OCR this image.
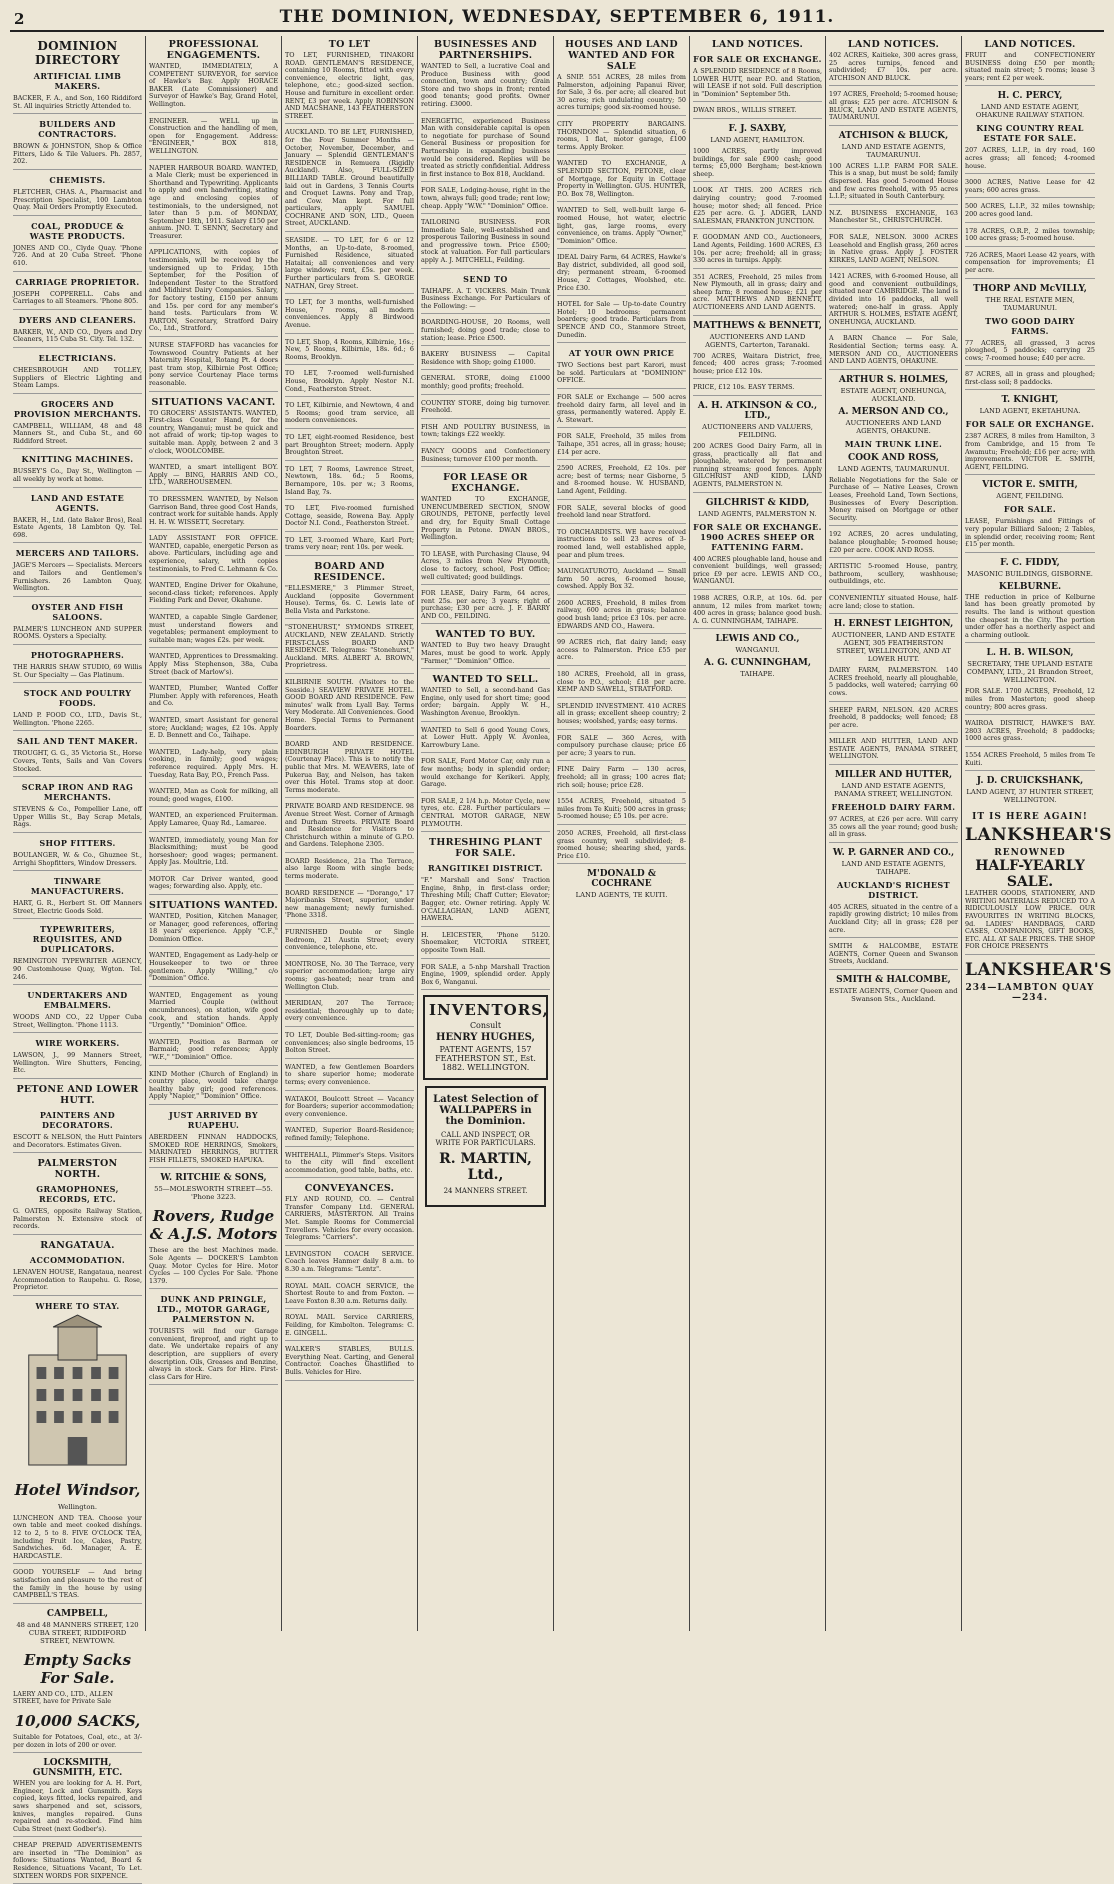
2	THE DOMINION, WEDNESDAY, SEPTEMBER 6, 1911.
DOMINION DIRECTORY
ARTIFICIAL LIMB MAKERS.
BACKER, F. A., and Son, 160 Riddiford St. All inquiries Strictly Attended to.
BUILDERS AND CONTRACTORS.
BROWN & JOHNSTON, Shop & Office Fitters, Lido & Tile Valuers. Ph. 2857, 202.
CHEMISTS.
FLETCHER, CHAS. A., Pharmacist and Prescription Specialist, 100 Lambton Quay. Mail Orders Promptly Executed.
COAL, PRODUCE & WASTE PRODUCTS.
JONES AND CO., Clyde Quay. 'Phone 726. And at 20 Cuba Street. 'Phone 610.
CARRIAGE PROPRIETOR.
JOSEPH COPPERELL. Cabs and Carriages to all Steamers. 'Phone 805.
DYERS AND CLEANERS.
BARKER, W., AND CO., Dyers and Dry Cleaners, 115 Cuba St. City. Tel. 132.
ELECTRICIANS.
CHEESBROUGH AND TOLLEY, Suppliers of Electric Lighting and Steam Lamps.
GROCERS AND PROVISION MERCHANTS.
CAMPBELL, WILLIAM, 48 and 48 Manners St., and Cuba St., and 60 Riddiford Street.
KNITTING MACHINES.
BUSSEY'S Co., Day St., Wellington — all weekly by work at home.
LAND AND ESTATE AGENTS.
BAKER, H., Ltd. (late Baker Bros), Real Estate Agents, 18 Lambton Qy. Tel. 698.
MERCERS AND TAILORS.
JAGE'S Mercers — Specialists. Mercers and Tailors and Gentlemen's Furnishers. 26 Lambton Quay, Wellington.
OYSTER AND FISH SALOONS.
PALMER'S LUNCHEON AND SUPPER ROOMS. Oysters a Specialty.
PHOTOGRAPHERS.
THE HARRIS SHAW STUDIO, 69 Willis St. Our Specialty — Gas Platinum.
STOCK AND POULTRY FOODS.
LAND P. FOOD CO., LTD., Davis St., Wellington. 'Phone 2265.
SAIL AND TENT MAKER.
TROUGHT, G. G., 35 Victoria St., Horse Covers, Tents, Sails and Van Covers Stocked.
SCRAP IRON AND RAG MERCHANTS.
STEVENS & Co., Pompellier Lane, off Upper Willis St., Bay Scrap Metals, Rags.
SHOP FITTERS.
BOULANGER, W. & Co., Ghuznee St., Arrighi Shopfitters, Window Dressers.
TINWARE MANUFACTURERS.
HART, G. R., Herbert St. Off Manners Street, Electric Goods Sold.
TYPEWRITERS, REQUISITES, AND DUPLICATORS.
REMINGTON TYPEWRITER AGENCY, 90 Customhouse Quay, Wgton. Tel. 246.
UNDERTAKERS AND EMBALMERS.
WOODS AND CO., 22 Upper Cuba Street, Wellington. 'Phone 1113.
WIRE WORKERS.
LAWSON, J., 99 Manners Street, Wellington. Wire Shutters, Fencing, Etc.
PETONE AND LOWER HUTT.
PAINTERS AND DECORATORS.
ESCOTT & NELSON, the Hutt Painters and Decorators. Estimates Given.
PALMERSTON NORTH.
GRAMOPHONES, RECORDS, ETC.
G. OATES, opposite Railway Station, Palmerston N. Extensive stock of records.
RANGATAUA.
ACCOMMODATION.
LENAVEN HOUSE, Rangataua, nearest Accommodation to Raupehu. G. Rose, Proprietor.
WHERE TO STAY.
Hotel Windsor,
Wellington.
LUNCHEON AND TEA. Choose your own table and meet cooked dishings. 12 to 2, 5 to 8. FIVE O'CLOCK TEA, including Fruit Ice, Cakes, Pastry, Sandwiches. 6d. Manager, A. E. HARDCASTLE.
GOOD YOURSELF — And bring satisfaction and pleasure to the rest of the family in the house by using CAMPBELL'S TEAS.
CAMPBELL,
48 and 48 MANNERS STREET, 120 CUBA STREET, RIDDIFORD STREET, NEWTOWN.
Empty Sacks For Sale.
LAERY AND CO., LTD., ALLEN STREET, have for Private Sale
10,000 SACKS,
Suitable for Potatoes, Coal, etc., at 3/- per dozen in lots of 200 or over.
LOCKSMITH, GUNSMITH, ETC.
WHEN you are looking for A. H. Port, Engineer, Lock and Gunsmith. Keys copied, keys fitted, locks repaired, and saws sharpened and set, scissors, knives, mangles repaired. Guns repaired and re-stocked. Find him Cuba Street (next Godber's).
CHEAP PREPAID ADVERTISEMENTS are inserted in "The Dominion" as follows: Situations Wanted, Board & Residence, Situations Vacant, To Let. SIXTEEN WORDS FOR SIXPENCE.
PROFESSIONAL ENGAGEMENTS.
WANTED, IMMEDIATELY, A COMPETENT SURVEYOR, for service of Hawke's Bay. Apply HORACE BAKER (Late Commissioner) and Surveyor of Hawke's Bay, Grand Hotel, Wellington.
ENGINEER. — WELL up in Construction and the handling of men, open for Engagement. Address: "ENGINEER," BOX 818, WELLINGTON.
NAPIER HARBOUR BOARD. WANTED, a Male Clerk; must be experienced in Shorthand and Typewriting. Applicants to apply and own handwriting, stating age and enclosing copies of testimonials, to the undersigned, not later than 5 p.m. of MONDAY, September 18th, 1911. Salary £150 per annum. JNO. T. SENNY, Secretary and Treasurer.
APPLICATIONS, with copies of testimonials, will be received by the undersigned up to Friday, 15th September, for the Position of Independent Tester to the Stratford and Midhirst Dairy Companies. Salary, for factory testing, £150 per annum and 15s. per cord for any member's hand tests. Particulars from W. PARTON, Secretary, Stratford Dairy Co., Ltd., Stratford.
NURSE STAFFORD has vacancies for Townswood Country Patients at her Maternity Hospital, Rotang Pt. 4 doors past tram stop, Kilbirnie Post Office; pony service Courtenay Place terms reasonable.
SITUATIONS VACANT.
TO GROCERS' ASSISTANTS. WANTED, First-class Counter Hand, for the country, Wanganui; must be quick and not afraid of work; tip-top wages to suitable man. Apply, between 2 and 3 o'clock, WOOLCOMBE.
WANTED, a smart intelligent BOY. Apply — BING, HARRIS AND CO., LTD., WAREHOUSEMEN.
TO DRESSMEN. WANTED, by Nelson Garrison Band, three good Cost Hands, contract work for suitable hands. Apply H. H. W. WISSETT, Secretary.
LADY ASSISTANT FOR OFFICE. WANTED, capable, energetic Person as above. Particulars, including age and experience, salary, with copies testimonials, to Fred C. Lehmann & Co.
WANTED, Engine Driver for Okahune, second-class ticket; references. Apply Fielding Park and Dever, Okahune.
WANTED, a capable Single Gardener, must understand flowers and vegetables; permanent employment to suitable man; wages £2s. per week.
WANTED, Apprentices to Dressmaking. Apply Miss Stephenson, 38a, Cuba Street (back of Marlow's).
WANTED, Plumber, Wanted Coffer Plumber. Apply with references, Heath and Co.
WANTED, smart Assistant for general store; Auckland; wages, £2 10s. Apply E. D. Bennett and Co., Taihape.
WANTED, Lady-help, very plain cooking, in family; good wages; reference required. Apply Mrs. H. Tuesday, Rata Bay, P.O., French Pass.
WANTED, Man as Cook for milking, all round; good wages, £100.
WANTED, an experienced Fruiterman. Apply Lamaree, Quay Rd., Lamaree.
WANTED, immediately, young Man for Blacksmithing; must be good horseshoer; good wages; permanent. Apply Jas. Moultrie, Ltd.
MOTOR Car Driver wanted, good wages; forwarding also. Apply, etc.
SITUATIONS WANTED.
WANTED, Position, Kitchen Manager, or Manager, good references, offering 18 years' experience. Apply "C.F.," Dominion Office.
WANTED, Engagement as Lady-help or Housekeeper to two or three gentlemen. Apply "Willing," c/o "Dominion" Office.
WANTED, Engagement as young Married Couple (without encumbrances), on station, wife good cook, and station hands. Apply "Urgently," "Dominion" Office.
WANTED, Position as Barman or Barmaid; good references; Apply "W.F.," "Dominion" Office.
KIND Mother (Church of England) in country place, would take charge healthy baby girl; good references. Apply "Napier," "Dominion" Office.
JUST ARRIVED BY RUAPEHU.
ABERDEEN FINNAN HADDOCKS, SMOKED ROE HERRINGS, Smokers, MARINATED HERRINGS, BUTTER FISH FILLETS, SMOKED HAPUKA.
W. RITCHIE & SONS,
55—MOLESWORTH STREET—55. 'Phone 3223.
Rovers, Rudge & A.J.S. Motors
These are the best Machines made. Sole Agents — DOCKER'S Lambton Quay. Motor Cycles for Hire. Motor Cycles — 100 Cycles For Sale. 'Phone 1379.
DUNK AND PRINGLE, LTD., MOTOR GARAGE, PALMERSTON N.
TOURISTS will find our Garage convenient, fireproof, and right up to date. We undertake repairs of any description, are suppliers of every description. Oils, Greases and Benzine, always in stock. Cars for Hire. First-class Cars for Hire.
TO LET
TO LET, FURNISHED, TINAKORI ROAD. GENTLEMAN'S RESIDENCE, containing 10 Rooms, fitted with every convenience, electric light, gas, telephone, etc.; good-sized section. House and furniture in excellent order. RENT, £3 per week. Apply ROBINSON AND MACSHANE, 143 FEATHERSTON STREET.
AUCKLAND. TO BE LET, FURNISHED, for the Four Summer Months — October, November, December, and January — Splendid GENTLEMAN'S RESIDENCE in Remuera (Rigidly Auckland). Also, FULL-SIZED BILLIARD TABLE. Ground beautifully laid out in Gardens, 3 Tennis Courts and Croquet Lawns. Pony and Trap, and Cow. Man kept. For full particulars, apply SAMUEL COCHRANE AND SON, LTD., Queen Street, AUCKLAND.
SEASIDE. — TO LET, for 6 or 12 Months, an Up-to-date, 8-roomed, Furnished Residence, situated Hataitai; all conveniences and very large windows; rent, £5s. per week. Further particulars from S. GEORGE NATHAN, Grey Street.
TO LET, for 3 months, well-furnished House, 7 rooms, all modern conveniences. Apply 8 Birdwood Avenue.
TO LET, Shop, 4 Rooms, Kilbirnie, 16s.; New, 5 Rooms, Kilbirnie, 18s. 6d.; 6 Rooms, Brooklyn.
TO LET, 7-roomed well-furnished House, Brooklyn. Apply Nestor N.I. Cond., Featherston Street.
TO LET, Kilbirnie, and Newtown, 4 and 5 Rooms; good tram service, all modern conveniences.
TO LET, eight-roomed Residence, best part Broughton Street; modern. Apply Broughton Street.
TO LET, 7 Rooms, Lawrence Street, Newtown, 18s. 6d.; 5 Rooms, Bernampore, 10s. per w.; 3 Rooms, Island Bay, 7s.
TO LET, Five-roomed furnished Cottage, seaside, Rowena Bay. Apply Doctor N.I. Cond., Featherston Street.
TO LET, 3-roomed Whare, Karl Port; trams very near; rent 10s. per week.
BOARD AND RESIDENCE.
"ELLESMERE," 3 Plimmer Street, Auckland (opposite Government House). Terms, 6s. C. Lewis late of Bella Vista and Parkstone.
"STONEHURST," SYMONDS STREET, AUCKLAND, NEW ZEALAND. Strictly FIRST-CLASS BOARD AND RESIDENCE. Telegrams: "Stonehurst," Auckland. MRS. ALBERT A. BROWN, Proprietress.
KILBIRNIE SOUTH. (Visitors to the Seaside.) SEAVIEW PRIVATE HOTEL. GOOD BOARD AND RESIDENCE. Few minutes' walk from Lyall Bay. Terms Very Moderate. All Conveniences. Good Home. Special Terms to Permanent Boarders.
BOARD AND RESIDENCE. EDINBURGH PRIVATE HOTEL (Courtenay Place). This is to notify the public that Mrs. M. WEAVERS, late of Pukerua Bay, and Nelson, has taken over this Hotel. Trams stop at door. Terms moderate.
PRIVATE BOARD AND RESIDENCE. 98 Avenue Street West. Corner of Armagh and Durham Streets. PRIVATE Board and Residence for Visitors to Christchurch within a minute of G.P.O. and Gardens. Telephone 2305.
BOARD Residence, 21a The Terrace, also large Room with single beds; terms moderate.
BOARD RESIDENCE — "Dorango," 17 Majoribanks Street, superior, under new management; newly furnished. 'Phone 3318.
FURNISHED Double or Single Bedroom, 21 Austin Street; every convenience, telephone, etc.
MONTROSE, No. 30 The Terrace, very superior accommodation; large airy rooms; gas-heated; near tram and Wellington Club.
MERIDIAN, 207 The Terrace; residential; thoroughly up to date; every convenience.
TO LET, Double Bed-sitting-room; gas conveniences; also single bedrooms, 15 Bolton Street.
WANTED, a few Gentlemen Boarders to share superior home; moderate terms; every convenience.
WATAKOI, Boulcott Street — Vacancy for Boarders; superior accommodation; every convenience.
WANTED, Superior Board-Residence; refined family; Telephone.
WHITEHALL, Plimmer's Steps. Visitors to the city will find excellent accommodation, good table, baths, etc.
CONVEYANCES.
FLY AND ROUND, CO. — Central Transfer Company Ltd. GENERAL CARRIERS, MASTERTON. All Trains Met. Sample Rooms for Commercial Travellers. Vehicles for every occasion. Telegrams: "Carriers".
LEVINGSTON COACH SERVICE. Coach leaves Hanmer daily 8 a.m. to 8.30 a.m. Telegrams: "Lentz".
ROYAL MAIL COACH SERVICE, the Shortest Route to and from Foxton. — Leave Foxton 8.30 a.m. Returns daily.
ROYAL MAIL Service CARRIERS, Feilding, for Kimbolton. Telegrams: C. E. GINGELL.
WALKER'S STABLES, BULLS. Everything Neat. Carting, and General Contractor. Coaches Ghastlified to Bulls. Vehicles for Hire.
BUSINESSES AND PARTNERSHIPS.
WANTED to Sell, a lucrative Coal and Produce Business with good connection, town and country; Grain Store and two shops in front; rented good tenants; good profits. Owner retiring. £3000.
ENERGETIC, experienced Business Man with considerable capital is open to negotiate for purchase of Sound General Business or proposition for Partnership in expanding business would be considered. Replies will be treated as strictly confidential. Address in first instance to Box 818, Auckland.
FOR SALE, Lodging-house, right in the town, always full; good trade; rent low; cheap. Apply "W.W." "Dominion" Office.
TAILORING BUSINESS. FOR Immediate Sale, well-established and prosperous Tailoring Business in sound and progressive town. Price £500; stock at valuation. For full particulars apply A. J. MITCHELL, Feilding.
SEND TO
TAIHAPE. A. T. VICKERS. Main Trunk Business Exchange. For Particulars of the Following: —
BOARDING-HOUSE, 20 Rooms, well furnished; doing good trade; close to station; lease. Price £500.
BAKERY BUSINESS — Capital Residence with Shop; going £1000.
GENERAL STORE, doing £1000 monthly; good profits; freehold.
COUNTRY STORE, doing big turnover. Freehold.
FISH AND POULTRY BUSINESS, in town; takings £22 weekly.
FANCY GOODS and Confectionery Business; turnover £100 per month.
FOR LEASE OR EXCHANGE.
WANTED TO EXCHANGE, UNENCUMBERED SECTION, SNOW GROUNDS, PETONE, perfectly level and dry, for Equity Small Cottage Property in Petone. DWAN BROS., Wellington.
TO LEASE, with Purchasing Clause, 94 Acres, 3 miles from New Plymouth, close to factory, school, Post Office; well cultivated; good buildings.
FOR LEASE, Dairy Farm, 64 acres, rent 25s. per acre; 3 years; right of purchase; £30 per acre. J. F. BARRY AND CO., FEILDING.
WANTED TO BUY.
WANTED to Buy two heavy Draught Mares, must be good to work. Apply "Farmer," "Dominion" Office.
WANTED TO SELL.
WANTED to Sell, a second-hand Gas Engine, only used for short time; good order; bargain. Apply W. H., Washington Avenue, Brooklyn.
WANTED to Sell 6 good Young Cows, at Lower Hutt. Apply W. Avonlea, Karrowbury Lane.
FOR SALE, Ford Motor Car, only run a few months; body in splendid order; would exchange for Kerikeri. Apply, Garage.
FOR SALE, 2 1/4 h.p. Motor Cycle, new tyres, etc. £28. Further particulars — CENTRAL MOTOR GARAGE, NEW PLYMOUTH.
THRESHING PLANT FOR SALE.
RANGITIKEI DISTRICT.
"F." Marshall and Sons' Traction Engine, 8nhp, in first-class order; Threshing Mill; Chaff Cutter; Elevator; Bagger, etc. Owner retiring. Apply W. O'CALLAGHAN, LAND AGENT, HAWERA.
H. LEICESTER, 'Phone 5120. Shoemaker, VICTORIA STREET, opposite Town Hall.
FOR SALE, a 5-nhp Marshall Traction Engine, 1909, splendid order. Apply Box 6, Wanganui.
INVENTORS,
Consult
HENRY HUGHES,
PATENT AGENTS, 157 FEATHERSTON ST., Est. 1882. WELLINGTON.
Latest Selection of WALLPAPERS in the Dominion.
CALL AND INSPECT, OR WRITE FOR PARTICULARS.
R. MARTIN, Ltd.,
24 MANNERS STREET.
HOUSES AND LAND WANTED AND FOR SALE
A SNIP. 551 ACRES, 28 miles from Palmerston, adjoining Papanui River, for Sale, 3 6s. per acre; all cleared but 30 acres; rich undulating country; 50 acres turnips; good six-roomed house.
CITY PROPERTY BARGAINS. THORNDON — Splendid situation, 6 rooms, 1 flat, motor garage, £100 terms. Apply Broker.
WANTED TO EXCHANGE, A SPLENDID SECTION, PETONE, clear of Mortgage, for Equity in Cottage Property in Wellington. GUS. HUNTER, P.O. Box 78, Wellington.
WANTED to Sell, well-built large 6-roomed House, hot water, electric light, gas, large rooms, every convenience, on trams. Apply "Owner," "Dominion" Office.
IDEAL Dairy Farm, 64 ACRES, Hawke's Bay district, subdivided, all good soil, dry; permanent stream, 6-roomed House, 2 Cottages, Woolshed, etc. Price £30.
HOTEL for Sale — Up-to-date Country Hotel; 10 bedrooms; permanent boarders; good trade. Particulars from SPENCE AND CO., Stanmore Street, Dunedin.
AT YOUR OWN PRICE
TWO Sections best part Karori, must be sold. Particulars at "DOMINION" OFFICE.
FOR SALE or Exchange — 500 acres freehold dairy farm, all level and in grass, permanently watered. Apply E. A. Stewart.
FOR SALE, Freehold, 35 miles from Taihape, 351 acres, all in grass; house; £14 per acre.
2590 ACRES, Freehold, £2 10s. per acre; best of terms; near Gisborne, 5 and 8-roomed house. W. HUSBAND, Land Agent, Feilding.
FOR SALE, several blocks of good freehold land near Stratford.
TO ORCHARDISTS. WE have received instructions to sell 23 acres of 3-roomed land, well established apple, pear and plum trees.
MAUNGATUROTO, Auckland — Small farm 50 acres, 6-roomed house, cowshed. Apply Box 32.
2600 ACRES, Freehold, 8 miles from railway, 600 acres in grass; balance good bush land; price £3 10s. per acre. EDWARDS AND CO., Hawera.
99 ACRES rich, flat dairy land; easy access to Palmerston. Price £55 per acre.
180 ACRES, Freehold, all in grass, close to P.O., school; £18 per acre. KEMP AND SAWELL, STRATFORD.
SPLENDID INVESTMENT. 410 ACRES all in grass; excellent sheep country; 2 houses; woolshed, yards; easy terms.
FOR SALE — 360 Acres, with compulsory purchase clause; price £6 per acre; 3 years to run.
FINE Dairy Farm — 130 acres, freehold; all in grass; 100 acres flat; rich soil; house; price £28.
1554 ACRES, Freehold, situated 5 miles from Te Kuiti; 500 acres in grass; 5-roomed house; £5 10s. per acre.
2050 ACRES, Freehold, all first-class grass country, well subdivided; 8-roomed house; shearing shed, yards. Price £10.
M'DONALD & COCHRANE
LAND AGENTS, TE KUITI.
LAND NOTICES.
FOR SALE OR EXCHANGE.
A SPLENDID RESIDENCE of 8 Rooms, LOWER HUTT, near P.O. and Station, will LEASE if not sold. Full description in "Dominion" September 5th.
DWAN BROS., WILLIS STREET.
F. J. SAXBY,
LAND AGENT, HAMILTON.
1000 ACRES, partly improved buildings, for sale £900 cash; good terms; £5,000 Bergham; best-known sheep.
LOOK AT THIS. 200 ACRES rich dairying country; good 7-roomed house; motor shed; all fenced. Price £25 per acre. G. J. ADGER, LAND SALESMAN, FRANKTON JUNCTION.
F. GOODMAN AND CO., Auctioneers, Land Agents, Feilding. 1600 ACRES, £3 10s. per acre; freehold; all in grass; 330 acres in turnips. Apply.
351 ACRES, Freehold, 25 miles from New Plymouth, all in grass; dairy and sheep farm; 8 roomed house; £21 per acre. MATTHEWS AND BENNETT, AUCTIONEERS AND LAND AGENTS.
MATTHEWS & BENNETT,
AUCTIONEERS AND LAND AGENTS, Carterton, Taranaki.
700 ACRES, Waitara District, free, fenced; 400 acres grass; 7-roomed house; price £12 10s.
PRICE, £12 10s. EASY TERMS.
A. H. ATKINSON & CO., LTD.,
AUCTIONEERS AND VALUERS, FEILDING.
200 ACRES Good Dairy Farm, all in grass, practically all flat and ploughable, watered by permanent running streams; good fences. Apply GILCHRIST AND KIDD, LAND AGENTS, PALMERSTON N.
GILCHRIST & KIDD,
LAND AGENTS, PALMERSTON N.
FOR SALE OR EXCHANGE. 1900 ACRES SHEEP OR FATTENING FARM.
400 ACRES ploughable land, house and convenient buildings, well grassed; price £9 per acre. LEWIS AND CO., WANGANUI.
1988 ACRES, O.R.P., at 10s. 6d. per annum, 12 miles from market town; 400 acres in grass; balance good bush. A. G. CUNNINGHAM, TAIHAPE.
LEWIS AND CO.,
WANGANUI.
A. G. CUNNINGHAM,
TAIHAPE.
LAND NOTICES.
402 ACRES, Kaitieke, 300 acres grass, 25 acres turnips, fenced and subdivided; £7 10s. per acre. ATCHISON AND BLUCK.
197 ACRES, Freehold; 5-roomed house; all grass; £25 per acre. ATCHISON & BLUCK, LAND AND ESTATE AGENTS, TAUMARUNUI.
ATCHISON & BLUCK,
LAND AND ESTATE AGENTS, TAUMARUNUI.
100 ACRES L.I.P. FARM FOR SALE. This is a snap, but must be sold; family dispersed. Has good 5-roomed House and few acres freehold, with 95 acres L.I.P.; situated in South Canterbury.
N.Z. BUSINESS EXCHANGE, 163 Manchester St., CHRISTCHURCH.
FOR SALE, NELSON. 3000 ACRES Leasehold and English grass, 260 acres in Native grass. Apply J. FOSTER KIRKES, LAND AGENT, NELSON.
1421 ACRES, with 6-roomed House, all good and convenient outbuildings, situated near CAMBRIDGE. The land is divided into 16 paddocks, all well watered; one-half in grass. Apply ARTHUR S. HOLMES, ESTATE AGENT, ONEHUNGA, AUCKLAND.
A BARN Chance — For Sale, Residential Section; terms easy. A. MERSON AND CO., AUCTIONEERS AND LAND AGENTS, OHAKUNE.
ARTHUR S. HOLMES,
ESTATE AGENT, ONEHUNGA, AUCKLAND.
A. MERSON AND CO.,
AUCTIONEERS AND LAND AGENTS, OHAKUNE.
MAIN TRUNK LINE.
COOK AND ROSS,
LAND AGENTS, TAUMARUNUI.
Reliable Negotiations for the Sale or Purchase of — Native Leases, Crown Leases, Freehold Land, Town Sections, Businesses of Every Description. Money raised on Mortgage or other Security.
192 ACRES, 20 acres undulating, balance ploughable; 5-roomed house; £20 per acre. COOK AND ROSS.
ARTISTIC 5-roomed House, pantry, bathroom, scullery, washhouse; outbuildings, etc.
CONVENIENTLY situated House, half-acre land; close to station.
H. ERNEST LEIGHTON,
AUCTIONEER, LAND AND ESTATE AGENT, 305 FEATHERSTON STREET, WELLINGTON, AND AT LOWER HUTT.
DAIRY FARM, PALMERSTON. 140 ACRES freehold, nearly all ploughable, 5 paddocks, well watered; carrying 60 cows.
SHEEP FARM, NELSON. 420 ACRES freehold, 8 paddocks; well fenced; £8 per acre.
MILLER AND HUTTER, LAND AND ESTATE AGENTS, PANAMA STREET, WELLINGTON.
MILLER AND HUTTER,
LAND AND ESTATE AGENTS, PANAMA STREET, WELLINGTON.
FREEHOLD DAIRY FARM.
97 ACRES, at £26 per acre. Will carry 35 cows all the year round; good bush; all in grass.
W. P. GARNER AND CO.,
LAND AND ESTATE AGENTS, TAIHAPE.
AUCKLAND'S RICHEST DISTRICT.
405 ACRES, situated in the centre of a rapidly growing district; 10 miles from Auckland City; all in grass; £28 per acre.
SMITH & HALCOMBE, ESTATE AGENTS, Corner Queen and Swanson Streets, Auckland.
SMITH & HALCOMBE,
ESTATE AGENTS, Corner Queen and Swanson Sts., Auckland.
LAND NOTICES.
FRUIT and CONFECTIONERY BUSINESS doing £50 per month; situated main street; 5 rooms; lease 3 years; rent £2 per week.
H. C. PERCY,
LAND AND ESTATE AGENT, OHAKUNE RAILWAY STATION.
KING COUNTRY REAL ESTATE FOR SALE.
207 ACRES, L.I.P., in dry road, 160 acres grass; all fenced; 4-roomed house.
3000 ACRES, Native Lease for 42 years; 600 acres grass.
500 ACRES, L.I.P., 32 miles township; 200 acres good land.
178 ACRES, O.R.P., 2 miles township; 100 acres grass; 5-roomed house.
726 ACRES, Maori Lease 42 years, with compensation for improvements; £1 per acre.
THORP AND McVILLY,
THE REAL ESTATE MEN, TAUMARUNUI.
TWO GOOD DAIRY FARMS.
77 ACRES, all grassed, 3 acres ploughed, 5 paddocks; carrying 25 cows; 7-roomed house; £40 per acre.
87 ACRES, all in grass and ploughed; first-class soil; 8 paddocks.
T. KNIGHT,
LAND AGENT, EKETAHUNA.
FOR SALE OR EXCHANGE.
2387 ACRES, 8 miles from Hamilton, 3 from Cambridge, and 15 from Te Awamutu; Freehold; £16 per acre; with improvements. VICTOR E. SMITH, AGENT, FEILDING.
VICTOR E. SMITH,
AGENT, FEILDING.
FOR SALE.
LEASE, Furnishings and Fittings of very popular Billiard Saloon; 2 Tables, in splendid order, receiving room; Rent £15 per month.
F. C. FIDDY,
MASONIC BUILDINGS, GISBORNE.
KELBURNE.
THE reduction in price of Kelburne land has been greatly promoted by results. The land is without question the cheapest in the City. The portion under offer has a northerly aspect and a charming outlook.
L. H. B. WILSON,
SECRETARY, THE UPLAND ESTATE COMPANY, LTD., 21 Brandon Street, WELLINGTON.
FOR SALE. 1700 ACRES, Freehold, 12 miles from Masterton; good sheep country; 800 acres grass.
WAIROA DISTRICT, HAWKE'S BAY. 2803 ACRES, Freehold; 8 paddocks; 1000 acres grass.
1554 ACRES Freehold, 5 miles from Te Kuiti.
J. D. CRUICKSHANK,
LAND AGENT, 37 HUNTER STREET, WELLINGTON.
IT IS HERE AGAIN!
LANKSHEAR'S
RENOWNED
HALF-YEARLY SALE.
LEATHER GOODS, STATIONERY, AND WRITING MATERIALS REDUCED TO A RIDICULOUSLY LOW PRICE. OUR FAVOURITES IN WRITING BLOCKS, 9d. LADIES' HANDBAGS, CARD CASES, COMPANIONS, GIFT BOOKS, ETC. ALL AT SALE PRICES. THE SHOP FOR CHOICE PRESENTS
LANKSHEAR'S
234—LAMBTON QUAY—234.
